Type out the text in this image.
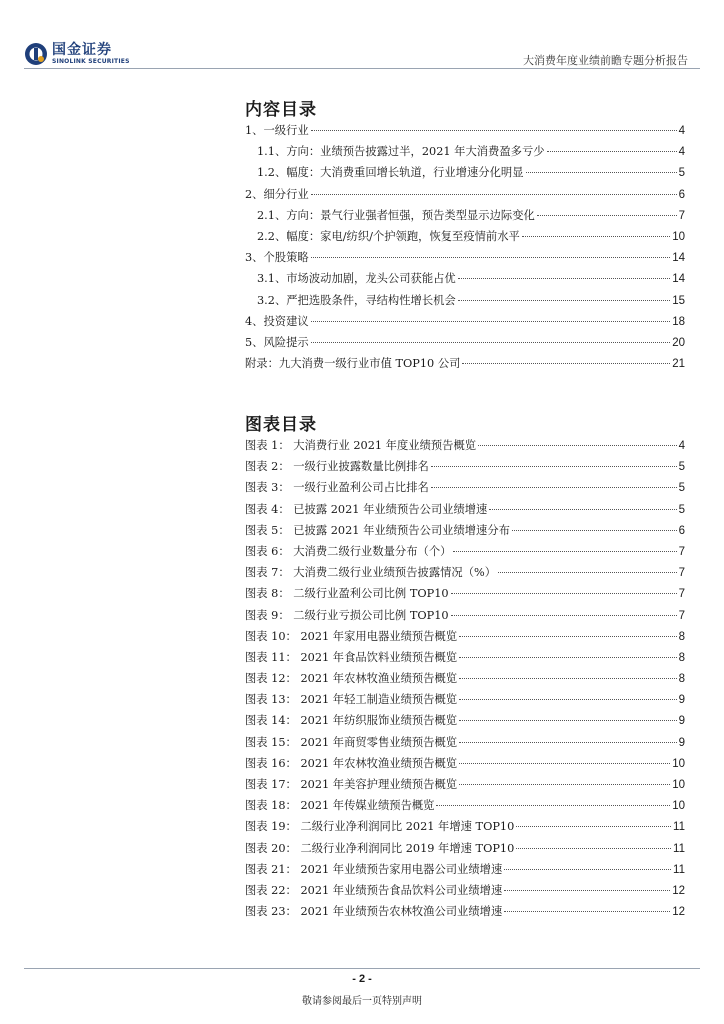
国金证券
SINOLINK SECURITIES	大消费年度业绩前瞻专题分析报告
内容目录
1、一级行业	4
1.1、方向：业绩预告披露过半，2021 年大消费盈多亏少	4
1.2、幅度：大消费重回增长轨道，行业增速分化明显	5
2、细分行业	6
2.1、方向：景气行业强者恒强，预告类型显示边际变化	7
2.2、幅度：家电/纺织/个护领跑，恢复至疫情前水平	10
3、个股策略	14
3.1、市场波动加剧，龙头公司获能占优	14
3.2、严把选股条件，寻结构性增长机会	15
4、投资建议	18
5、风险提示	20
附录：九大消费一级行业市值 TOP10 公司	21
图表目录
图表 1： 大消费行业 2021 年度业绩预告概览	4
图表 2： 一级行业披露数量比例排名	5
图表 3： 一级行业盈利公司占比排名	5
图表 4： 已披露 2021 年业绩预告公司业绩增速	5
图表 5： 已披露 2021 年业绩预告公司业绩增速分布	6
图表 6： 大消费二级行业数量分布（个）	7
图表 7： 大消费二级行业业绩预告披露情况（%）	7
图表 8： 二级行业盈利公司比例 TOP10	7
图表 9： 二级行业亏损公司比例 TOP10	7
图表 10： 2021 年家用电器业绩预告概览	8
图表 11： 2021 年食品饮料业绩预告概览	8
图表 12： 2021 年农林牧渔业绩预告概览	8
图表 13： 2021 年轻工制造业绩预告概览	9
图表 14： 2021 年纺织服饰业绩预告概览	9
图表 15： 2021 年商贸零售业绩预告概览	9
图表 16： 2021 年农林牧渔业绩预告概览	10
图表 17： 2021 年美容护理业绩预告概览	10
图表 18： 2021 年传媒业绩预告概览	10
图表 19： 二级行业净利润同比 2021 年增速 TOP10	11
图表 20： 二级行业净利润同比 2019 年增速 TOP10	11
图表 21： 2021 年业绩预告家用电器公司业绩增速	11
图表 22： 2021 年业绩预告食品饮料公司业绩增速	12
图表 23： 2021 年业绩预告农林牧渔公司业绩增速	12
- 2 -
敬请参阅最后一页特别声明
